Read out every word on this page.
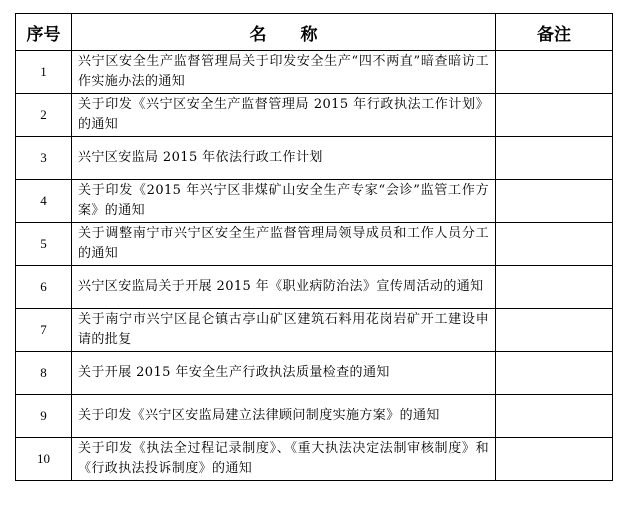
序号	名称	备注
1	兴宁区安全生产监督管理局关于印发安全生产“四不两直”暗查暗访工作实施办法的通知	
2	关于印发《兴宁区安全生产监督管理局 2015 年行政执法工作计划》的通知	
3	兴宁区安监局 2015 年依法行政工作计划	
4	关于印发《2015 年兴宁区非煤矿山安全生产专家“会诊”监管工作方案》的通知	
5	关于调整南宁市兴宁区安全生产监督管理局领导成员和工作人员分工的通知	
6	兴宁区安监局关于开展 2015 年《职业病防治法》宣传周活动的通知	
7	关于南宁市兴宁区昆仑镇古亭山矿区建筑石料用花岗岩矿开工建设申请的批复	
8	关于开展 2015 年安全生产行政执法质量检查的通知	
9	关于印发《兴宁区安监局建立法律顾问制度实施方案》的通知	
10	关于印发《执法全过程记录制度》、《重大执法决定法制审核制度》和《行政执法投诉制度》的通知	
